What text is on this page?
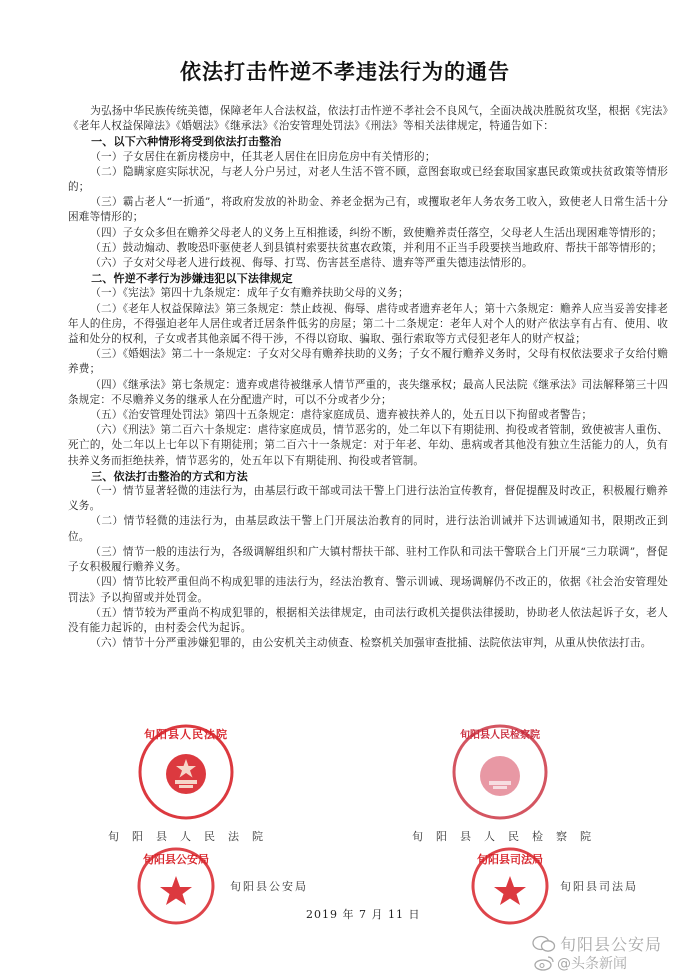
依法打击忤逆不孝违法行为的通告

为弘扬中华民族传统美德，保障老年人合法权益，依法打击忤逆不孝社会不良风气，全面决战决胜脱贫攻坚，根据《宪法》《老年人权益保障法》《婚姻法》《继承法》《治安管理处罚法》《刑法》等相关法律规定，特通告如下：

一、以下六种情形将受到依法打击整治

（一）子女居住在新房楼房中，任其老人居住在旧房危房中有关情形的；

（二）隐瞒家庭实际状况，与老人分户另过，对老人生活不管不顾，意图套取或已经套取国家惠民政策或扶贫政策等情形的；

（三）霸占老人“一折通”，将政府发放的补助金、养老金据为己有，或攫取老年人务农务工收入，致使老人日常生活十分困难等情形的；

（四）子女众多但在赡养父母老人的义务上互相推诿，纠纷不断，致使赡养责任落空，父母老人生活出现困难等情形的；

（五）鼓动煽动、教唆恐吓驱使老人到县镇村索要扶贫惠农政策，并利用不正当手段要挟当地政府、帮扶干部等情形的；

（六）子女对父母老人进行歧视、侮辱、打骂、伤害甚至虐待、遗弃等严重失德违法情形的。

二、忤逆不孝行为涉嫌违犯以下法律规定

（一）《宪法》第四十九条规定：成年子女有赡养扶助父母的义务；

（二）《老年人权益保障法》第三条规定：禁止歧视、侮辱、虐待或者遗弃老年人；第十六条规定：赡养人应当妥善安排老年人的住房，不得强迫老年人居住或者迁居条件低劣的房屋；第二十二条规定：老年人对个人的财产依法享有占有、使用、收益和处分的权利，子女或者其他亲属不得干涉，不得以窃取、骗取、强行索取等方式侵犯老年人的财产权益；

（三）《婚姻法》第二十一条规定：子女对父母有赡养扶助的义务；子女不履行赡养义务时，父母有权依法要求子女给付赡养费；

（四）《继承法》第七条规定：遗弃或虐待被继承人情节严重的，丧失继承权；最高人民法院《继承法》司法解释第三十四条规定：不尽赡养义务的继承人在分配遗产时，可以不分或者少分；

（五）《治安管理处罚法》第四十五条规定：虐待家庭成员、遗弃被扶养人的，处五日以下拘留或者警告；

（六）《刑法》第二百六十条规定：虐待家庭成员，情节恶劣的，处二年以下有期徒刑、拘役或者管制，致使被害人重伤、死亡的，处二年以上七年以下有期徒刑；第二百六十一条规定：对于年老、年幼、患病或者其他没有独立生活能力的人，负有扶养义务而拒绝扶养，情节恶劣的，处五年以下有期徒刑、拘役或者管制。

三、依法打击整治的方式和方法

（一）情节显著轻微的违法行为，由基层行政干部或司法干警上门进行法治宣传教育，督促提醒及时改正，积极履行赡养义务。

（二）情节轻微的违法行为，由基层政法干警上门开展法治教育的同时，进行法治训诫并下达训诫通知书，限期改正到位。

（三）情节一般的违法行为，各级调解组织和广大镇村帮扶干部、驻村工作队和司法干警联合上门开展“三力联调”，督促子女积极履行赡养义务。

（四）情节比较严重但尚不构成犯罪的违法行为，经法治教育、警示训诫、现场调解仍不改正的，依据《社会治安管理处罚法》予以拘留或并处罚金。

（五）情节较为严重尚不构成犯罪的，根据相关法律规定，由司法行政机关提供法律援助，协助老人依法起诉子女，老人没有能力起诉的，由村委会代为起诉。

（六）情节十分严重涉嫌犯罪的，由公安机关主动侦查、检察机关加强审查批捕、法院依法审判，从重从快依法打击。

旬阳县人民法院
旬阳县人民法院
旬阳县人民检察院
旬阳县人民检察院
旬阳县公安局
旬阳县公安局
旬阳县司法局
旬阳县司法局
2019 年 7 月 11 日
旬阳县公安局
@头条新闻
